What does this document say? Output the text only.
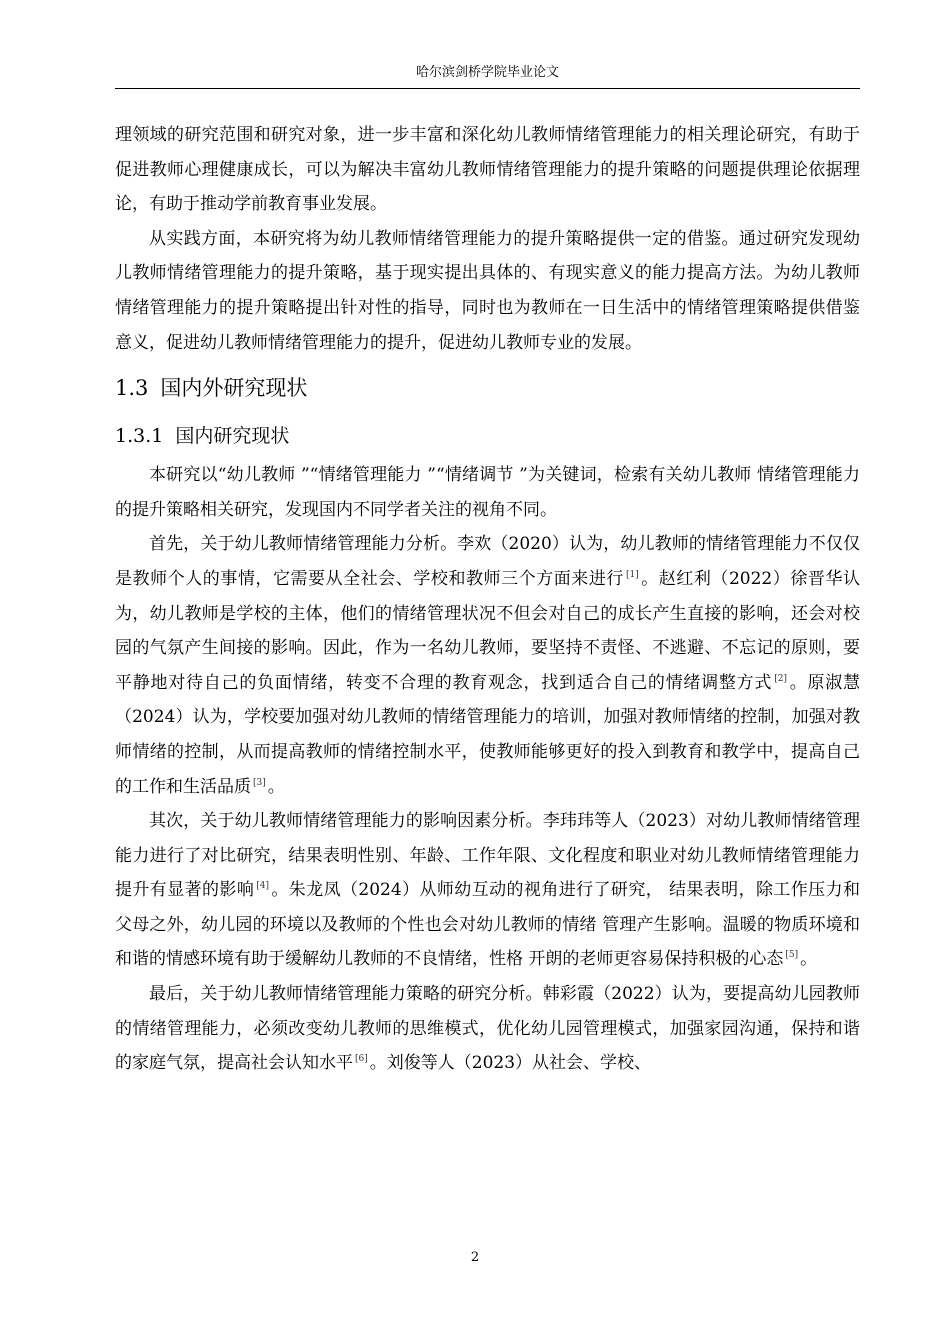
哈尔滨剑桥学院毕业论文

理领域的研究范围和研究对象，进一步丰富和深化幼儿教师情绪管理能力的相关理论研究，有助于促进教师心理健康成长，可以为解决丰富幼儿教师情绪管理能力的提升策略的问题提供理论依据理论，有助于推动学前教育事业发展。

从实践方面，本研究将为幼儿教师情绪管理能力的提升策略提供一定的借鉴。通过研究发现幼儿教师情绪管理能力的提升策略，基于现实提出具体的、有现实意义的能力提高方法。为幼儿教师情绪管理能力的提升策略提出针对性的指导，同时也为教师在一日生活中的情绪管理策略提供借鉴意义，促进幼儿教师情绪管理能力的提升，促进幼儿教师专业的发展。

1.3 国内外研究现状
1.3.1 国内研究现状

本研究以“幼儿教师 ”“情绪管理能力 ”“情绪调节 ”为关键词，检索有关幼儿教师 情绪管理能力的提升策略相关研究，发现国内不同学者关注的视角不同。

首先，关于幼儿教师情绪管理能力分析。李欢（2020）认为，幼儿教师的情绪管理能力不仅仅是教师个人的事情，它需要从全社会、学校和教师三个方面来进行 [1] 。赵红利（2022）徐晋华认为，幼儿教师是学校的主体，他们的情绪管理状况不但会对自己的成长产生直接的影响，还会对校园的气氛产生间接的影响。因此，作为一名幼儿教师，要坚持不责怪、不逃避、不忘记的原则，要平静地对待自己的负面情绪，转变不合理的教育观念，找到适合自己的情绪调整方式 [2] 。原淑慧（2024）认为，学校要加强对幼儿教师的情绪管理能力的培训，加强对教师情绪的控制，加强对教师情绪的控制，从而提高教师的情绪控制水平，使教师能够更好的投入到教育和教学中，提高自己的工作和生活品质 [3] 。

其次，关于幼儿教师情绪管理能力的影响因素分析。李玮玮等人（2023）对幼儿教师情绪管理能力进行了对比研究，结果表明性别、年龄、工作年限、文化程度和职业对幼儿教师情绪管理能力提升有显著的影响 [4] 。朱龙凤（2024）从师幼互动的视角进行了研究， 结果表明，除工作压力和父母之外，幼儿园的环境以及教师的个性也会对幼儿教师的情绪 管理产生影响。温暖的物质环境和和谐的情感环境有助于缓解幼儿教师的不良情绪，性格 开朗的老师更容易保持积极的心态 [5] 。

最后，关于幼儿教师情绪管理能力策略的研究分析。韩彩霞（2022）认为，要提高幼儿园教师的情绪管理能力，必须改变幼儿教师的思维模式，优化幼儿园管理模式，加强家园沟通，保持和谐的家庭气氛，提高社会认知水平 [6] 。刘俊等人（2023）从社会、学校、

2
